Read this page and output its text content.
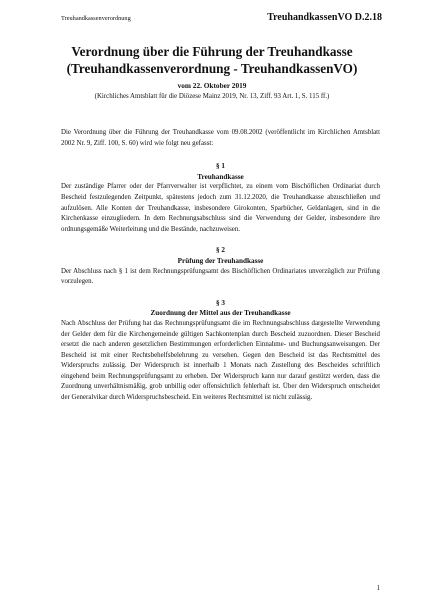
Treuhandkassenverordnung	TreuhandkassenVO D.2.18
Verordnung über die Führung der Treuhandkasse
(Treuhandkassenverordnung - TreuhandkassenVO)
vom 22. Oktober 2019
(Kirchliches Amtsblatt für die Diözese Mainz 2019, Nr. 13, Ziff. 93 Art. 1, S. 115 ff.)

Die Verordnung über die Führung der Treuhandkasse vom 09.08.2002 (veröffentlicht im Kirchlichen Amtsblatt 2002 Nr. 9, Ziff. 100, S. 60) wird wie folgt neu gefasst:

§ 1
Treuhandkasse

Der zuständige Pfarrer oder der Pfarrverwalter ist verpflichtet, zu einem vom Bischöflichen Ordinariat durch Bescheid festzulegenden Zeitpunkt, spätestens jedoch zum 31.12.2020, die Treuhandkasse abzuschließen und aufzulösen. Alle Konten der Treuhandkasse, insbesondere Girokonten, Sparbücher, Geldanlagen, sind in die Kirchenkasse einzugliedern. In dem Rechnungsabschluss sind die Verwendung der Gelder, insbesondere ihre ordnungsgemäße Weiterleitung und die Bestände, nachzuweisen.

§ 2
Prüfung der Treuhandkasse

Der Abschluss nach § 1 ist dem Rechnungsprüfungsamt des Bischöflichen Ordinariates unverzüglich zur Prüfung vorzulegen.

§ 3
Zuordnung der Mittel aus der Treuhandkasse

Nach Abschluss der Prüfung hat das Rechnungsprüfungsamt die im Rechnungsabschluss dargestellte Verwendung der Gelder dem für die Kirchengemeinde gültigen Sachkontenplan durch Bescheid zuzuordnen. Dieser Bescheid ersetzt die nach anderen gesetzlichen Bestimmungen erforderlichen Einnahme- und Buchungsanweisungen. Der Bescheid ist mit einer Rechtsbehelfsbelehrung zu versehen. Gegen den Bescheid ist das Rechtsmittel des Widerspruchs zulässig. Der Widerspruch ist innerhalb 1 Monats nach Zustellung des Bescheides schriftlich eingehend beim Rechnungsprüfungsamt zu erheben. Der Widerspruch kann nur darauf gestützt werden, dass die Zuordnung unverhältnismäßig, grob unbillig oder offensichtlich fehlerhaft ist. Über den Widerspruch entscheidet der Generalvikar durch Widerspruchsbescheid. Ein weiteres Rechtsmittel ist nicht zulässig.

1
